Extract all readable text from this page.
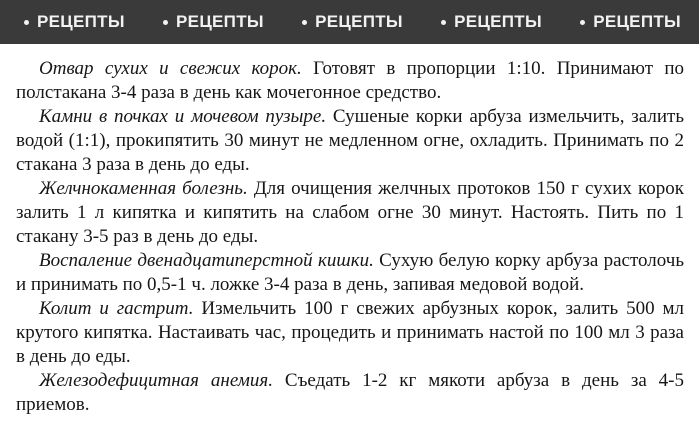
РЕЦЕПТЫ	РЕЦЕПТЫ	РЕЦЕПТЫ	РЕЦЕПТЫ	РЕЦЕПТЫ

Отвар сухих и свежих корок. Готовят в пропорции 1:10. Принимают по полстакана 3-4 раза в день как мочегонное средство.

Камни в почках и мочевом пузыре. Сушеные корки арбуза измельчить, залить водой (1:1), прокипятить 30 минут не медленном огне, охладить. Принимать по 2 стакана 3 раза в день до еды.

Желчнокаменная болезнь. Для очищения желчных протоков 150 г сухих корок залить 1 л кипятка и кипятить на слабом огне 30 минут. Настоять. Пить по 1 стакану 3-5 раз в день до еды.

Воспаление двенадцатиперстной кишки. Сухую белую корку арбуза растолочь и принимать по 0,5-1 ч. ложке 3-4 раза в день, запивая медовой водой.

Колит и гастрит. Измельчить 100 г свежих арбузных корок, залить 500 мл крутого кипятка. Настаивать час, процедить и принимать настой по 100 мл 3 раза в день до еды.

Железодефицитная анемия. Съедать 1-2 кг мякоти арбуза в день за 4-5 приемов.
